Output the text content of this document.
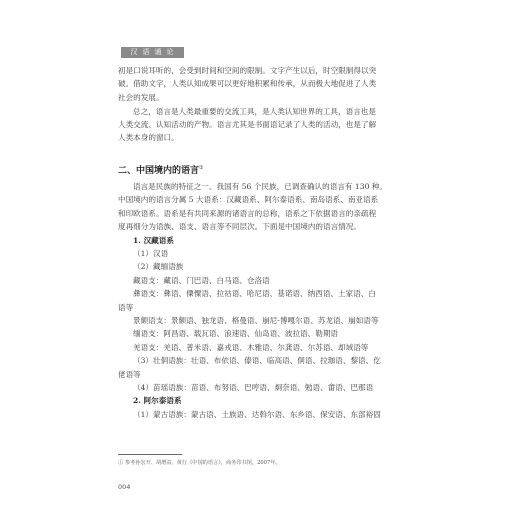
汉 语 通 论
初是口说耳听的，会受到时间和空间的限制。文字产生以后，时空限制得以突
破。借助文字，人类认知成果可以更好地积累和传承，从而极大地促进了人类
社会的发展。
总之，语言是人类最重要的交流工具，是人类认知世界的工具，语言也是
人类交流、认知活动的产物。语言尤其是书面语记录了人类的活动，也是了解
人类本身的窗口。
二、中国境内的语言①
语言是民族的特征之一。我国有 56 个民族，已调查确认的语言有 130 种。
中国境内的语言分属 5 大语系：汉藏语系、阿尔泰语系、南岛语系、南亚语系
和印欧语系。语系是有共同来源的诸语言的总称，语系之下依据语言的亲疏程
度再细分为语族、语支、语言等不同层次。下面是中国境内的语言情况。
1. 汉藏语系
（1）汉语
（2）藏缅语族
藏语支：藏语、门巴语、白马语、仓洛语
彝语支：彝语、傈僳语、拉祜语、哈尼语、基诺语、纳西语、土家语、白
语等
景颇语支：景颇语、独龙语、格曼语、崩尼-博嘎尔语、苏龙语、崩如语等
缅语支：阿昌语、载瓦语、浪速语、仙岛语、波拉语、勒期语
羌语支：羌语、普米语、嘉戎语、木雅语、尔龚语、尔苏语、却域语等
（3）壮侗语族：壮语、布依语、傣语、临高语、侗语、拉珈语、黎语、仡
佬语等
（4）苗瑶语族：苗语、布努语、巴哼语、炯奈语、勉语、畲语、巴那语
2. 阿尔泰语系
（1）蒙古语族：蒙古语、土族语、达斡尔语、东乡语、保安语、东部裕固
① 参考孙宏开、胡增益、黄行《中国的语言》，商务印书馆，2007年。
004
